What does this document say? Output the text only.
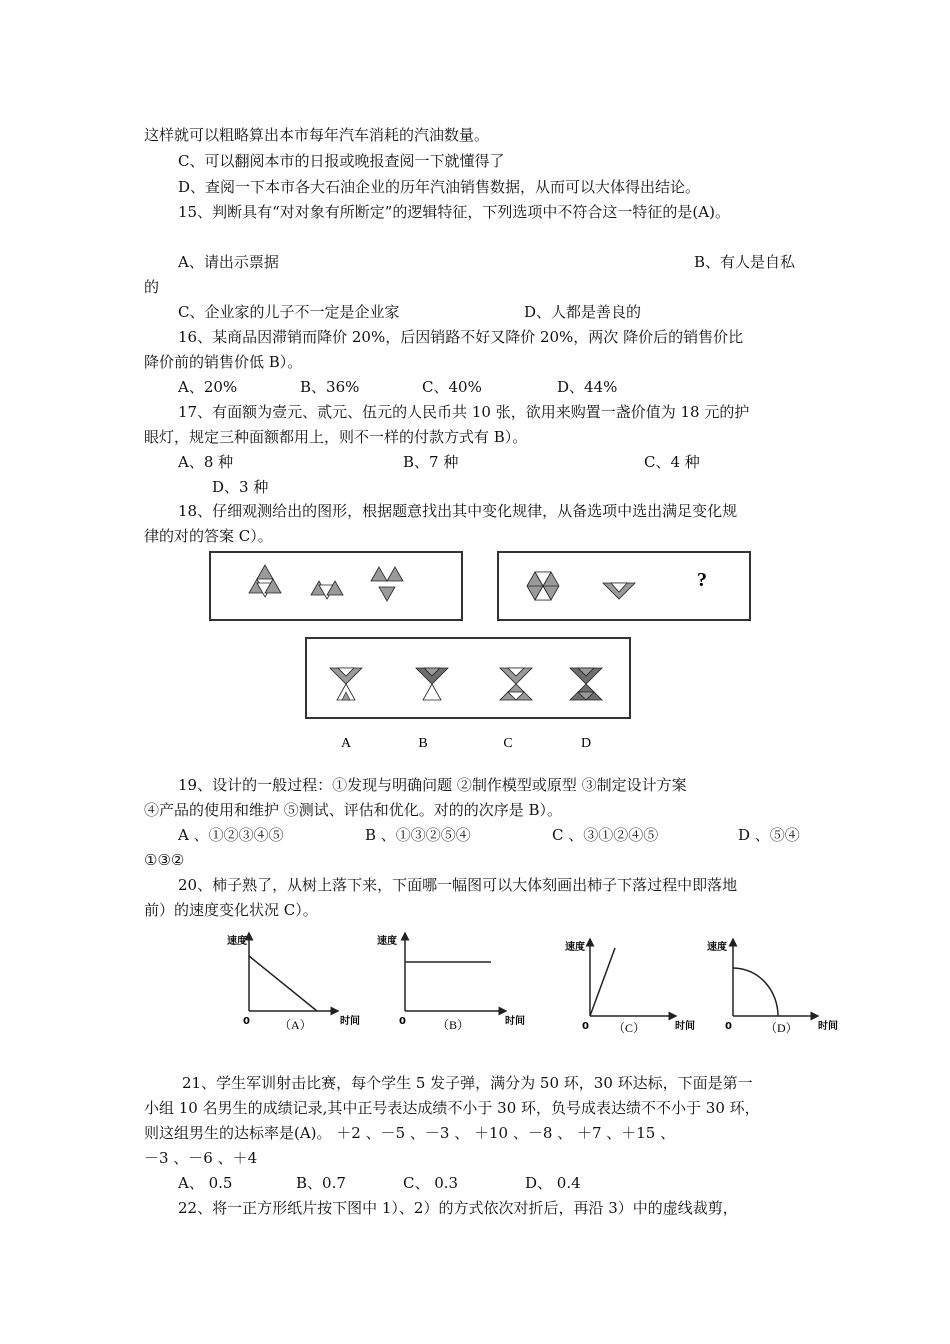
这样就可以粗略算出本市每年汽车消耗的汽油数量。
C、可以翻阅本市的日报或晚报查阅一下就懂得了
D、查阅一下本市各大石油企业的历年汽油销售数据，从而可以大体得出结论。
15、判断具有“对对象有所断定”的逻辑特征，下列选项中不符合这一特征的是(A)。
A、请出示票据	B、有人是自私
的
C、企业家的儿子不一定是企业家	D、人都是善良的
16、某商品因滞销而降价 20%，后因销路不好又降价 20%，两次 降价后的销售价比
降价前的销售价低 B）。
A、20%	B、36%	C、40%	D、44%
17、有面额为壹元、贰元、伍元的人民币共 10 张，欲用来购置一盏价值为 18 元的护
眼灯，规定三种面额都用上，则不一样的付款方式有 B）。
A、8 种	B、7 种	C、4 种
D、3 种
18、仔细观测给出的图形，根据题意找出其中变化规律，从备选项中选出满足变化规
律的对的答案 C）。
?
A	B	C	D
19、设计的一般过程：①发现与明确问题 ②制作模型或原型 ③制定设计方案
④产品的使用和维护 ⑤测试、评估和优化。对的的次序是 B）。
A 、①②③④⑤	B 、①③②⑤④	C 、③①②④⑤	D 、⑤④
①③②
20、柿子熟了，从树上落下来，下面哪一幅图可以大体刻画出柿子下落过程中即落地
前）的速度变化状况 C）。
速度
0 （A）	时间
速度
0	（B）	时间
速度
0 （C）	时间
速度
0	（D） 时间
21、学生军训射击比赛，每个学生 5 发子弹，满分为 50 环，30 环达标，下面是第一
小组 10 名男生的成绩记录,其中正号表达成绩不小于 30 环，负号成表达绩不不小于 30 环，
则这组男生的达标率是(A)。 ＋2 、－5 、－3 、 ＋10 、－8 、 ＋7 、＋15 、
－3 、－6 、＋4
A、 0.5	B、0.7	C、 0.3	D、 0.4
22、将一正方形纸片按下图中 1）、2）的方式依次对折后，再沿 3）中的虚线裁剪，
